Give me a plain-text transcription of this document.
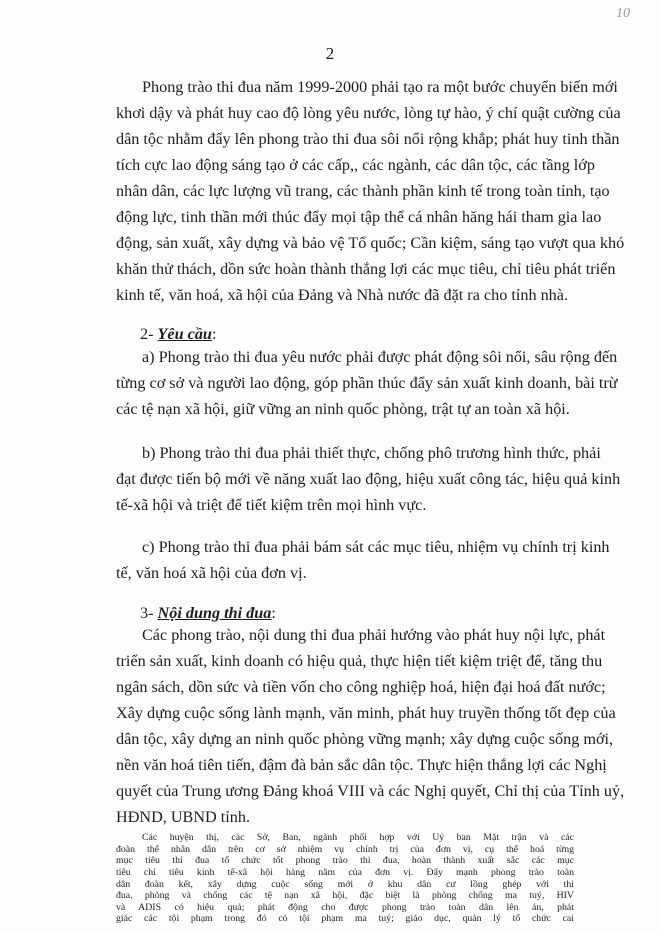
10
2
Phong trào thi đua năm 1999-2000 phải tạo ra một bước chuyển biến mới
khơi dậy và phát huy cao độ lòng yêu nước, lòng tự hào, ý chí quật cường của
dân tộc nhằm đẩy lên phong trào thi đua sôi nổi rộng khắp; phát huy tinh thần
tích cực lao động sáng tạo ở các cấp,, các ngành, các dân tộc, các tầng lớp
nhân dân, các lực lượng vũ trang, các thành phần kinh tế trong toàn tỉnh, tạo
động lực, tinh thần mới thúc đẩy mọi tập thể cá nhân hăng hái tham gia lao
động, sản xuất, xây dựng và bảo vệ Tổ quốc; Cần kiệm, sáng tạo vượt qua khó
khăn thử thách, dồn sức hoàn thành thắng lợi các mục tiêu, chỉ tiêu phát triển
kinh tế, văn hoá, xã hội của Đảng và Nhà nước đã đặt ra cho tỉnh nhà.
2- Yêu cầu:
a) Phong trào thi đua yêu nước phải được phát động sôi nổi, sâu rộng đến
từng cơ sở và người lao động, góp phần thúc đẩy sản xuất kinh doanh, bài trừ
các tệ nạn xã hội, giữ vững an ninh quốc phòng, trật tự an toàn xã hội.
b) Phong trào thi đua phải thiết thực, chống phô trương hình thức, phải
đạt được tiến bộ mới về năng xuất lao động, hiệu xuất công tác, hiệu quả kinh
tế-xã hội và triệt để tiết kiệm trên mọi hình vực.
c) Phong trào thi đua phải bám sát các mục tiêu, nhiệm vụ chính trị kinh
tế, văn hoá xã hội của đơn vị.
3- Nội dung thi đua:
Các phong trào, nội dung thi đua phải hướng vào phát huy nội lực, phát
triển sản xuất, kinh doanh có hiệu quả, thực hiện tiết kiệm triệt để, tăng thu
ngân sách, dồn sức và tiền vốn cho công nghiệp hoá, hiện đại hoá đất nước;
Xây dựng cuộc sống lành mạnh, văn minh, phát huy truyền thống tốt đẹp của
dân tộc, xây dựng an ninh quốc phòng vững mạnh; xây dựng cuộc sống mới,
nền văn hoá tiên tiến, đậm đà bản sắc dân tộc. Thực hiện thắng lợi các Nghị
quyết của Trung ương Đảng khoá VIII và các Nghị quyết, Chỉ thị của Tỉnh uỷ,
HĐND, UBND tỉnh.
Các huyện thị, các Sở, Ban, ngành phối hợp với Uỷ ban Mặt trận và các
đoàn thể nhân dân trên cơ sở nhiệm vụ chính trị của đơn vị, cụ thể hoá từng
mục tiêu thi đua tổ chức tốt phong trào thi đua, hoàn thành xuất sắc các mục
tiêu chỉ tiêu kinh tế-xã hội hàng năm của đơn vị. Đẩy mạnh phong trào toàn
dân đoàn kết, xây dựng cuộc sống mới ở khu dân cư lồng ghép với thi
đua, phòng và chống các tệ nạn xã hội, đặc biệt là phòng chống ma tuý, HIV
và ADIS có hiệu quả; phát động cho được phong trào toàn dân lên án, phát
giác các tội phạm trong đó có tội phạm ma tuý; giáo dục, quản lý tổ chức cai
